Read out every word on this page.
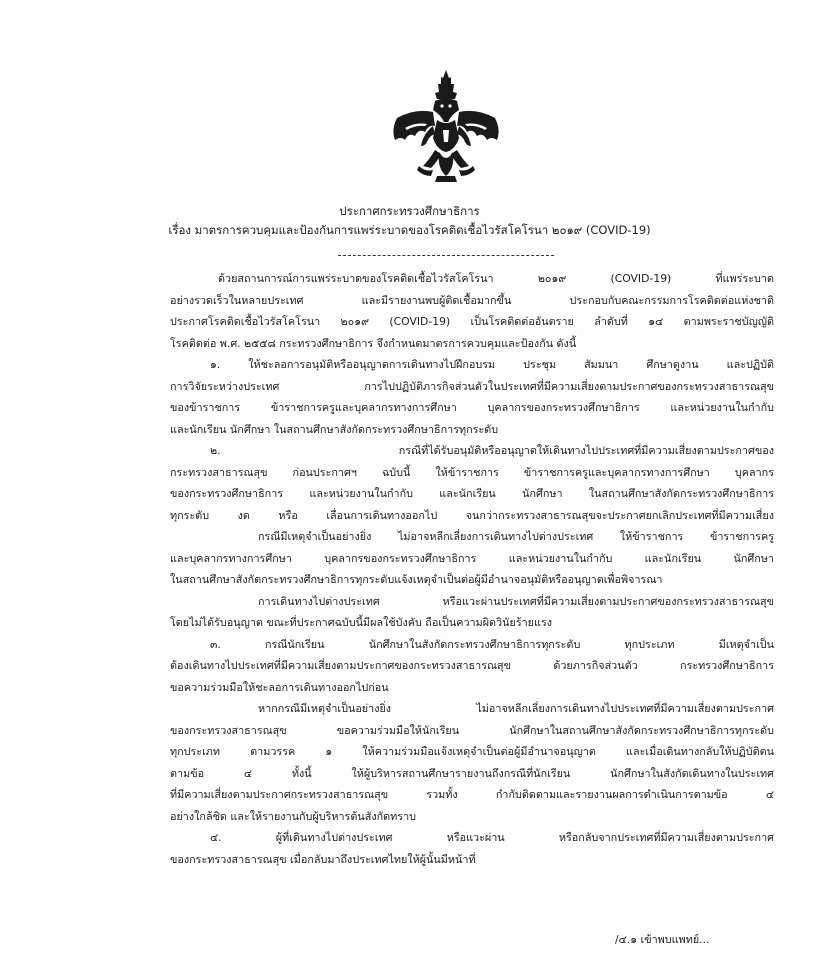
ประกาศกระทรวงศึกษาธิการ
เรื่อง มาตรการควบคุมและป้องกันการแพร่ระบาดของโรคติดเชื้อไวรัสโคโรนา ๒๐๑๙ (COVID-19)
ด้วยสถานการณ์การแพร่ระบาดของโรคติดเชื้อไวรัสโคโรนา ๒๐๑๙ (COVID-19) ที่แพร่ระบาด
อย่างรวดเร็วในหลายประเทศ และมีรายงานพบผู้ติดเชื้อมากขึ้น ประกอบกับคณะกรรมการโรคติดต่อแห่งชาติ
ประกาศโรคติดเชื้อไวรัสโคโรนา ๒๐๑๙ (COVID-19) เป็นโรคติดต่ออันตราย ลำดับที่ ๑๔ ตามพระราชบัญญัติ
โรคติดต่อ พ.ศ. ๒๕๕๘ กระทรวงศึกษาธิการ จึงกำหนดมาตรการควบคุมและป้องกัน ดังนี้
๑. ให้ชะลอการอนุมัติหรืออนุญาตการเดินทางไปฝึกอบรม ประชุม สัมมนา ศึกษาดูงาน และปฏิบัติ
การวิจัยระหว่างประเทศ การไปปฏิบัติภารกิจส่วนตัวในประเทศที่มีความเสี่ยงตามประกาศของกระทรวงสาธารณสุข
ของข้าราชการ ข้าราชการครูและบุคลากรทางการศึกษา บุคลากรของกระทรวงศึกษาธิการ และหน่วยงานในกำกับ
และนักเรียน นักศึกษา ในสถานศึกษาสังกัดกระทรวงศึกษาธิการทุกระดับ
๒. กรณีที่ได้รับอนุมัติหรืออนุญาตให้เดินทางไปประเทศที่มีความเสี่ยงตามประกาศของ
กระทรวงสาธารณสุข ก่อนประกาศฯ ฉบับนี้ ให้ข้าราชการ ข้าราชการครูและบุคลากรทางการศึกษา บุคลากร
ของกระทรวงศึกษาธิการ และหน่วยงานในกำกับ และนักเรียน นักศึกษา ในสถานศึกษาสังกัดกระทรวงศึกษาธิการ
ทุกระดับ งด หรือ เลื่อนการเดินทางออกไป จนกว่ากระทรวงสาธารณสุขจะประกาศยกเลิกประเทศที่มีความเสี่ยง
กรณีมีเหตุจำเป็นอย่างยิ่ง ไม่อาจหลีกเลี่ยงการเดินทางไปต่างประเทศ ให้ข้าราชการ ข้าราชการครู
และบุคลากรทางการศึกษา บุคลากรของกระทรวงศึกษาธิการ และหน่วยงานในกำกับ และนักเรียน นักศึกษา
ในสถานศึกษาสังกัดกระทรวงศึกษาธิการทุกระดับแจ้งเหตุจำเป็นต่อผู้มีอำนาจอนุมัติหรืออนุญาตเพื่อพิจารณา
การเดินทางไปต่างประเทศ หรือแวะผ่านประเทศที่มีความเสี่ยงตามประกาศของกระทรวงสาธารณสุข
โดยไม่ได้รับอนุญาต ขณะที่ประกาศฉบับนี้มีผลใช้บังคับ ถือเป็นความผิดวินัยร้ายแรง
๓. กรณีนักเรียน นักศึกษาในสังกัดกระทรวงศึกษาธิการทุกระดับ ทุกประเภท มีเหตุจำเป็น
ต้องเดินทางไปประเทศที่มีความเสี่ยงตามประกาศของกระทรวงสาธารณสุข ด้วยภารกิจส่วนตัว กระทรวงศึกษาธิการ
ขอความร่วมมือให้ชะลอการเดินทางออกไปก่อน
หากกรณีมีเหตุจำเป็นอย่างยิ่ง ไม่อาจหลีกเลี่ยงการเดินทางไปประเทศที่มีความเสี่ยงตามประกาศ
ของกระทรวงสาธารณสุข ขอความร่วมมือให้นักเรียน นักศึกษาในสถานศึกษาสังกัดกระทรวงศึกษาธิการทุกระดับ
ทุกประเภท ตามวรรค ๑ ให้ความร่วมมือแจ้งเหตุจำเป็นต่อผู้มีอำนาจอนุญาต และเมื่อเดินทางกลับให้ปฏิบัติตน
ตามข้อ ๔ ทั้งนี้ ให้ผู้บริหารสถานศึกษารายงานถึงกรณีที่นักเรียน นักศึกษาในสังกัดเดินทางในประเทศ
ที่มีความเสี่ยงตามประกาศกระทรวงสาธารณสุข รวมทั้ง กำกับติดตามและรายงานผลการดำเนินการตามข้อ ๔
อย่างใกล้ชิด และให้รายงานกับผู้บริหารต้นสังกัดทราบ
๔. ผู้ที่เดินทางไปต่างประเทศ หรือแวะผ่าน หรือกลับจากประเทศที่มีความเสี่ยงตามประกาศ
ของกระทรวงสาธารณสุข เมื่อกลับมาถึงประเทศไทยให้ผู้นั้นมีหน้าที่
/๔.๑ เข้าพบแพทย์...
